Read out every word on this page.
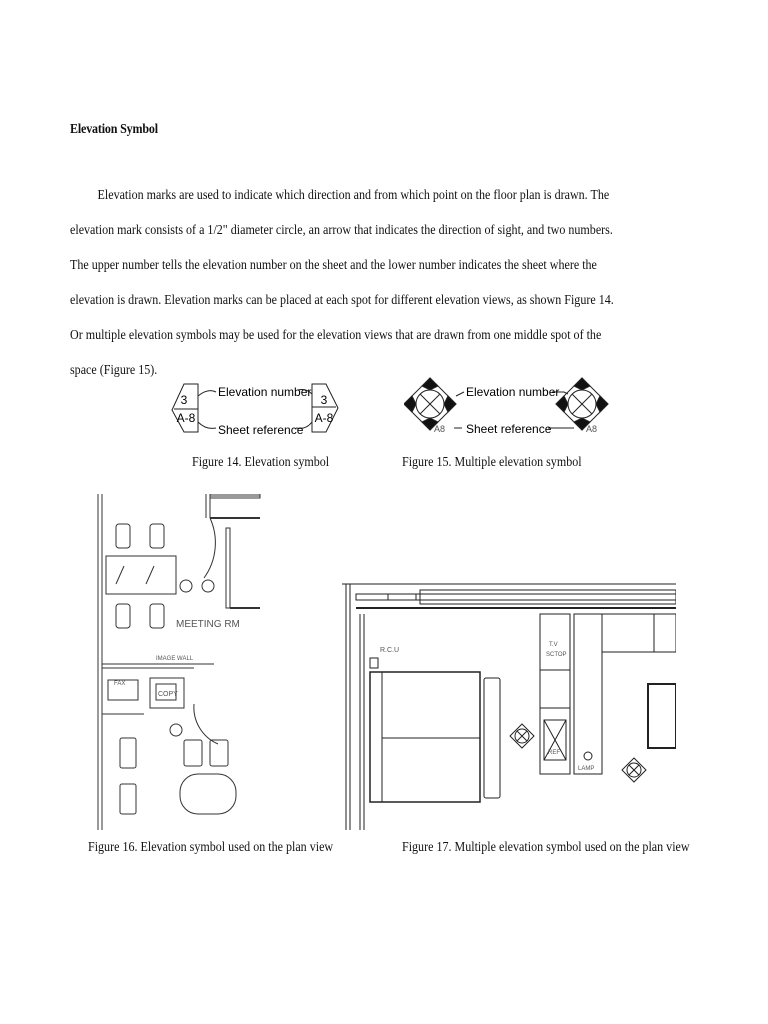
Elevation Symbol

Elevation marks are used to indicate which direction and from which point on the floor plan is drawn. The elevation mark consists of a 1/2" diameter circle, an arrow that indicates the direction of sight, and two numbers. The upper number tells the elevation number on the sheet and the lower number indicates the sheet where the elevation is drawn. Elevation marks can be placed at each spot for different elevation views, as shown Figure 14. Or multiple elevation symbols may be used for the elevation views that are drawn from one middle spot of the space (Figure 15).

3
A-8
3
A-8
Elevation number
Sheet reference
Figure 14. Elevation symbol
A8	A8
Elevation number
Sheet reference
Figure 15. Multiple elevation symbol
MEETING RM
IMAGE WALL
FAX
COPY
Figure 16. Elevation symbol used on the plan view
R.C.U
T.V
SCTOP
REF
LAMP
Figure 17. Multiple elevation symbol used on the plan view
